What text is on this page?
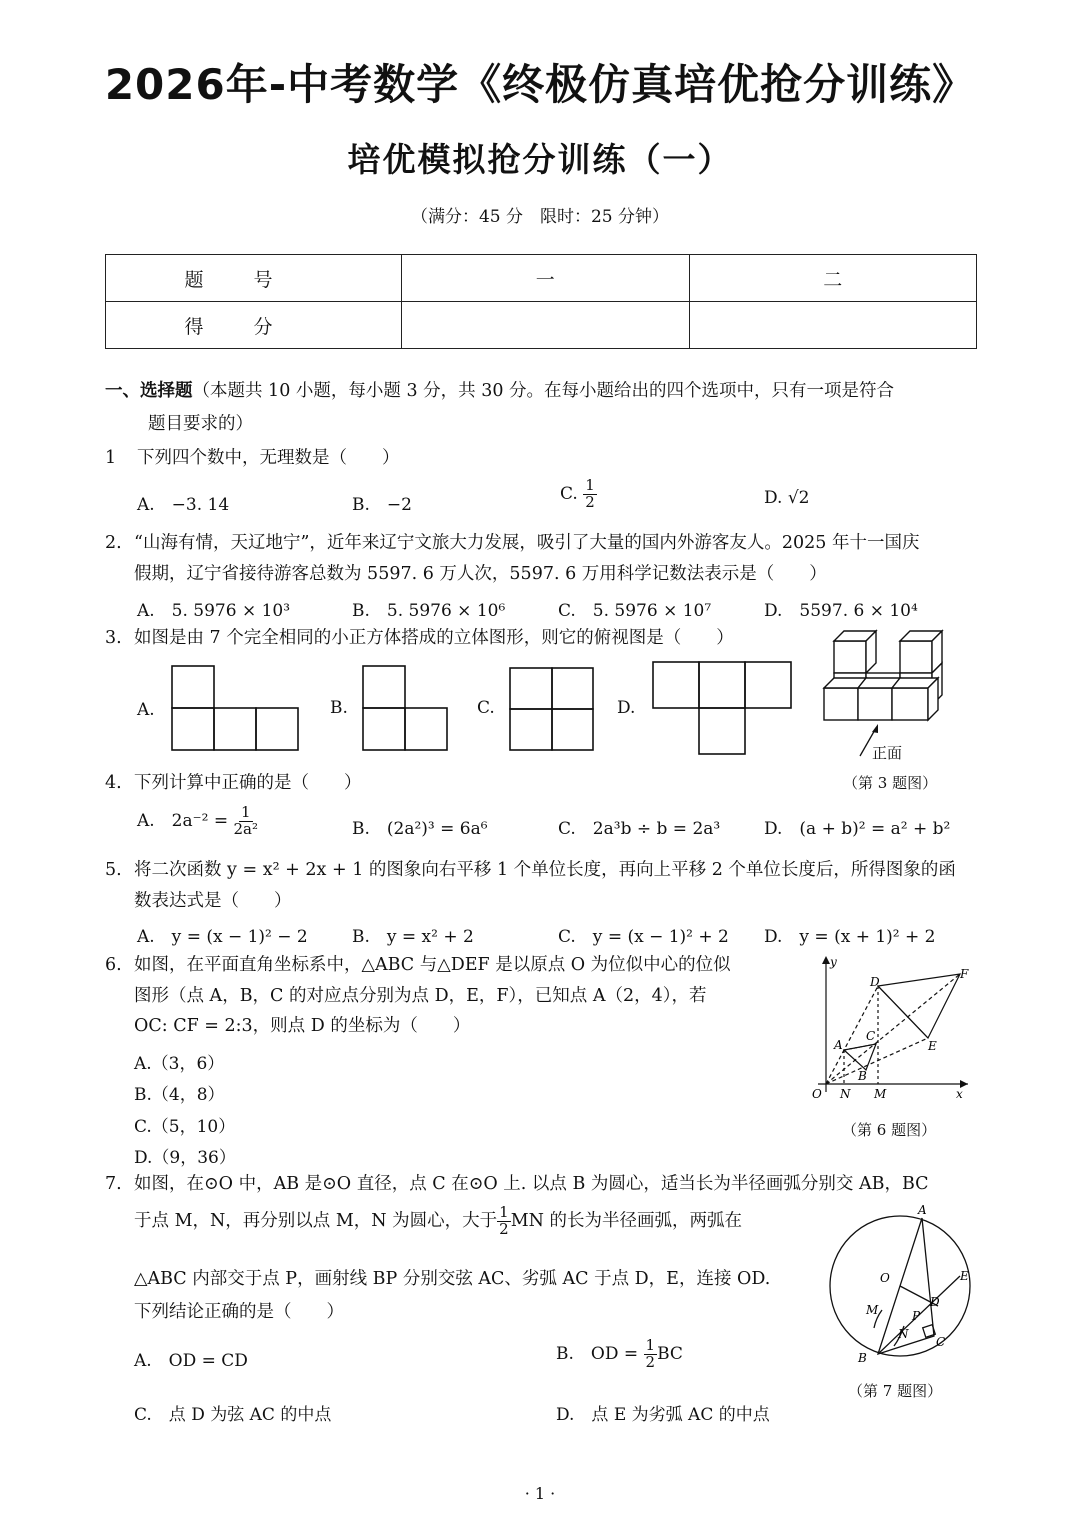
2026年-中考数学《终极仿真培优抢分训练》
培优模拟抢分训练（一）
（满分：45 分　限时：25 分钟）
题号	一	二
得分		
一、选择题（本题共 10 小题，每小题 3 分，共 30 分。在每小题给出的四个选项中，只有一项是符合
题目要求的）
1 下列四个数中，无理数是（　　）
A.　−3. 14	B.　−2
C. $\frac{1}{2}$	D. √2
2. “山海有情，天辽地宁”，近年来辽宁文旅大力发展，吸引了大量的国内外游客友人。2025 年十一国庆
假期，辽宁省接待游客总数为 5597. 6 万人次，5597. 6 万用科学记数法表示是（　　）
A.　5. 5976 × 10³	B.　5. 5976 × 10⁶	C.　5. 5976 × 10⁷	D.　5597. 6 × 10⁴
3. 如图是由 7 个完全相同的小正方体搭成的立体图形，则它的俯视图是（　　）
A.	B.	C.	D.
正面
（第 3 题图）
4. 下列计算中正确的是（　　）
A.　$2a^{-2} = \frac{1}{\text{2a²}}$	B.　(2a²)³ = 6a⁶	C.　2a³b ÷ b = 2a³	D.　(a + b)² = a² + b²
5. 将二次函数 y = x² + 2x + 1 的图象向右平移 1 个单位长度，再向上平移 2 个单位长度后，所得图象的函
数表达式是（　　）
A.　y = (x − 1)² − 2	B.　y = x² + 2	C.　y = (x − 1)² + 2 D.　y = (x + 1)² + 2
6. 如图，在平面直角坐标系中，△ABC 与△DEF 是以原点 O 为位似中心的位似
图形（点 A，B，C 的对应点分别为点 D，E，F），已知点 A（2，4），若
OC: CF = 2:3，则点 D 的坐标为（　　）
A.（3，6）
B.（4，8）
C.（5，10）
D.（9，36）
y
x
O N M
A
B
C
D
E
F
（第 6 题图）
7. 如图，在⊙O 中，AB 是⊙O 直径，点 C 在⊙O 上. 以点 B 为圆心，适当长为半径画弧分别交 AB，BC
于点 M，N，再分别以点 M，N 为圆心，大于 $\frac{1}{2}$ MN 的长为半径画弧，两弧在
△ABC 内部交于点 P，画射线 BP 分别交弦 AC、劣弧 AC 于点 D，E，连接 OD.
下列结论正确的是（　　）
A.　OD = CD	B.　OD = $\frac{1}{2}$ BC
C.　点 D 为弦 AC 的中点	D.　点 E 为劣弧 AC 的中点
A
O	E
M	P
D
N
C
B
（第 7 题图）
· 1 ·
